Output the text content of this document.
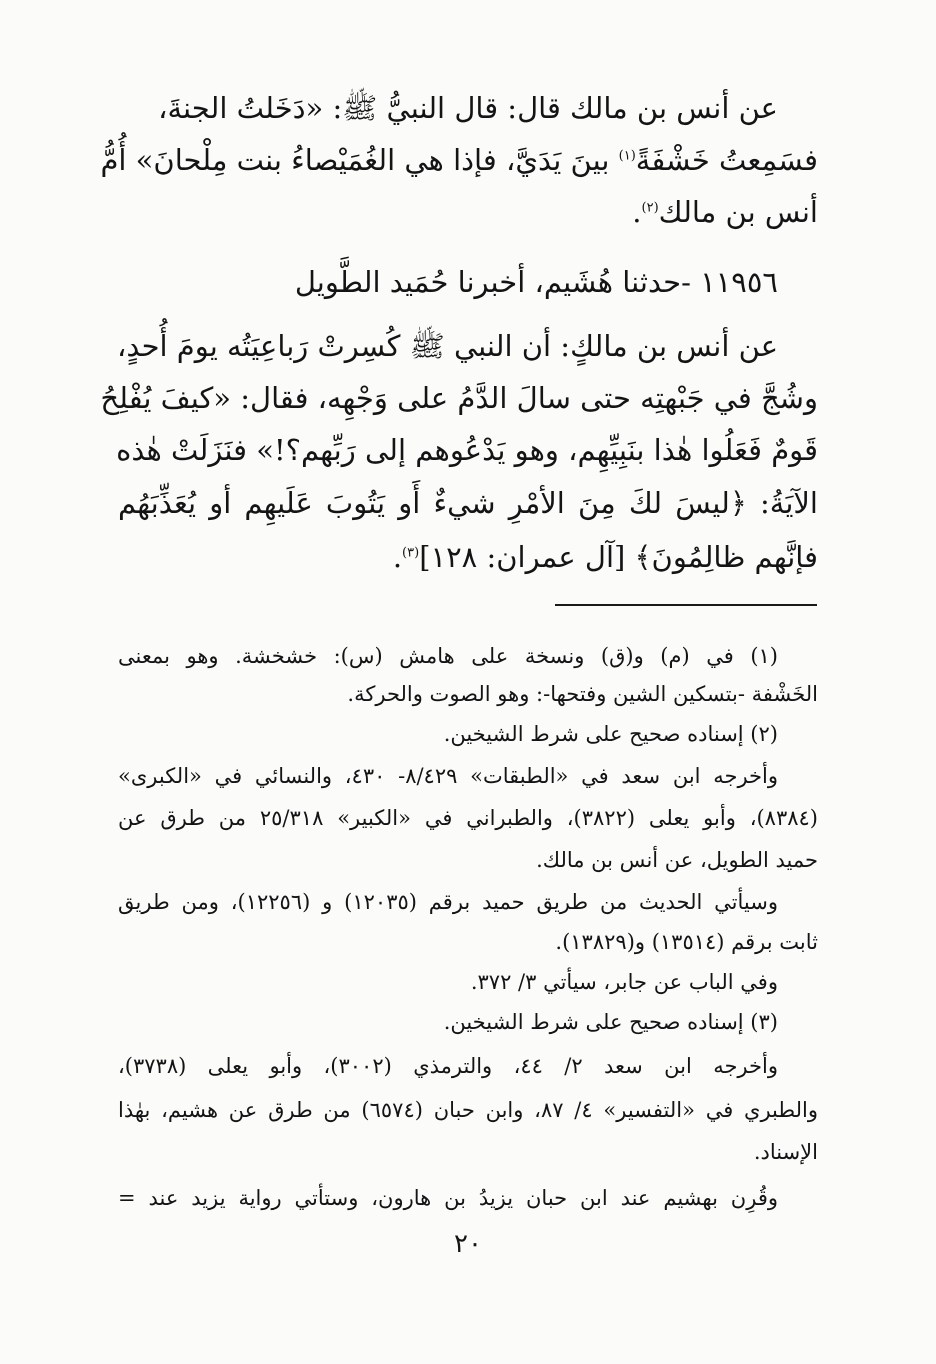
عن أنس بن مالك قال: قال النبيُّ ﷺ: «دَخَلتُ الجنةَ،
فسَمِعتُ خَشْفَةً$^{(١)}$ بينَ يَدَيَّ، فإذا هي الغُمَيْصاءُ بنت مِلْحانَ» أُمُّ
أنس بن مالك$^{(٢)}$.
١١٩٥٦ -حدثنا هُشَيم، أخبرنا حُمَيد الطَّويل
عن أنس بن مالكٍ: أن النبي ﷺ كُسِرتْ رَباعِيَتُه يومَ أُحدٍ،
وشُجَّ في جَبْهتِه حتى سالَ الدَّمُ على وَجْهِه، فقال: «كيفَ يُفْلِحُ
قَومٌ فَعَلُوا هٰذا بنَبِيِّهِم، وهو يَدْعُوهم إلى رَبِّهم؟!» فنَزَلَتْ هٰذه
الآيَةُ: ﴿ليسَ لكَ مِنَ الأمْرِ شيءٌ أَو يَتُوبَ عَلَيهِم أو يُعَذِّبَهُم
فإنَّهم ظالِمُونَ﴾ [آل عمران: ١٢٨]$^{(٣)}$.
(١) في (م) و(ق) ونسخة على هامش (س): خشخشة. وهو بمعنى
الخَشْفة -بتسكين الشين وفتحها-: وهو الصوت والحركة.
(٢) إسناده صحيح على شرط الشيخين.
وأخرجه ابن سعد في «الطبقات» ٨/٤٢٩- ٤٣٠، والنسائي في «الكبرى»
(٨٣٨٤)، وأبو يعلى (٣٨٢٢)، والطبراني في «الكبير» ٢٥/٣١٨ من طرق عن
حميد الطويل، عن أنس بن مالك.
وسيأتي الحديث من طريق حميد برقم (١٢٠٣٥) و (١٢٢٥٦)، ومن طريق
ثابت برقم (١٣٥١٤) و(١٣٨٢٩).
وفي الباب عن جابر، سيأتي ٣/ ٣٧٢.
(٣) إسناده صحيح على شرط الشيخين.
وأخرجه ابن سعد ٢/ ٤٤، والترمذي (٣٠٠٢)، وأبو يعلى (٣٧٣٨)،
والطبري في «التفسير» ٤/ ٨٧، وابن حبان (٦٥٧٤) من طرق عن هشيم، بهٰذا
الإسناد.
وقُرِن بهشيم عند ابن حبان يزيدُ بن هارون، وستأتي رواية يزيد عند =
٢٠
